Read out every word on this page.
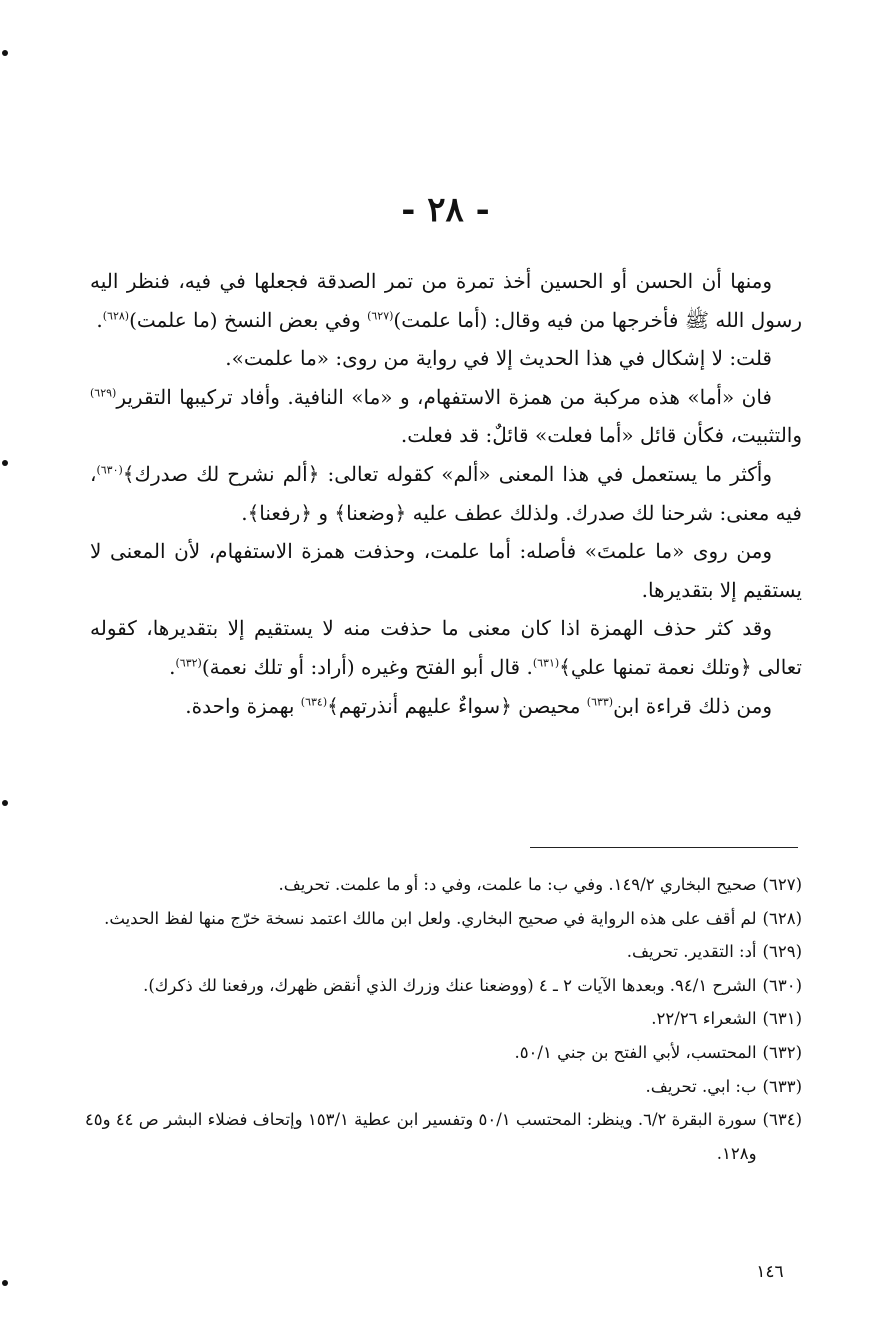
- ٢٨ -

ومنها أن الحسن أو الحسين أخذ تمرة من تمر الصدقة فجعلها في فيه، فنظر اليه رسول الله ﷺ فأخرجها من فيه وقال: (أما علمت)$^{(٦٢٧)}$ وفي بعض النسخ (ما علمت)$^{(٦٢٨)}$.

قلت: لا إشكال في هذا الحديث إلا في رواية من روى: «ما علمت».

فان «أما» هذه مركبة من همزة الاستفهام، و «ما» النافية. وأفاد تركيبها التقرير$^{(٦٢٩)}$ والتثبيت، فكأن قائل «أما فعلت» قائلٌ: قد فعلت.

وأكثر ما يستعمل في هذا المعنى «ألم» كقوله تعالى: ﴿ألم نشرح لك صدرك﴾$^{(٦٣٠)}$، فيه معنى: شرحنا لك صدرك. ولذلك عطف عليه ﴿وضعنا﴾ و ﴿رفعنا﴾.

ومن روى «ما علمتَ» فأصله: أما علمت، وحذفت همزة الاستفهام، لأن المعنى لا يستقيم إلا بتقديرها.

وقد كثر حذف الهمزة اذا كان معنى ما حذفت منه لا يستقيم إلا بتقديرها، كقوله تعالى ﴿وتلك نعمة تمنها علي﴾$^{(٦٣١)}$. قال أبو الفتح وغيره (أراد: أو تلك نعمة)$^{(٦٣٢)}$.

ومن ذلك قراءة ابن$^{(٦٣٣)}$ محيصن ﴿سواءٌ عليهم أنذرتهم﴾$^{(٦٣٤)}$ بهمزة واحدة.

(٦٢٧)
صحيح البخاري ١٤٩/٢. وفي ب: ما علمت، وفي د: أو ما علمت. تحريف.
(٦٢٨)
لم أقف على هذه الرواية في صحيح البخاري. ولعل ابن مالك اعتمد نسخة خرّج منها لفظ الحديث.
(٦٢٩)
أد: التقدير. تحريف.
(٦٣٠)
الشرح ٩٤/١. وبعدها الآيات ٢ ـ ٤ (ووضعنا عنك وزرك الذي أنقض ظهرك، ورفعنا لك ذكرك).
(٦٣١)
الشعراء ٢٢/٢٦.
(٦٣٢)
المحتسب، لأبي الفتح بن جني ٥٠/١.
(٦٣٣)
ب: ابي. تحريف.
(٦٣٤)
سورة البقرة ٦/٢. وينظر: المحتسب ٥٠/١ وتفسير ابن عطية ١٥٣/١ وإتحاف فضلاء البشر ص ٤٤ و٤٥ و١٢٨.
١٤٦
